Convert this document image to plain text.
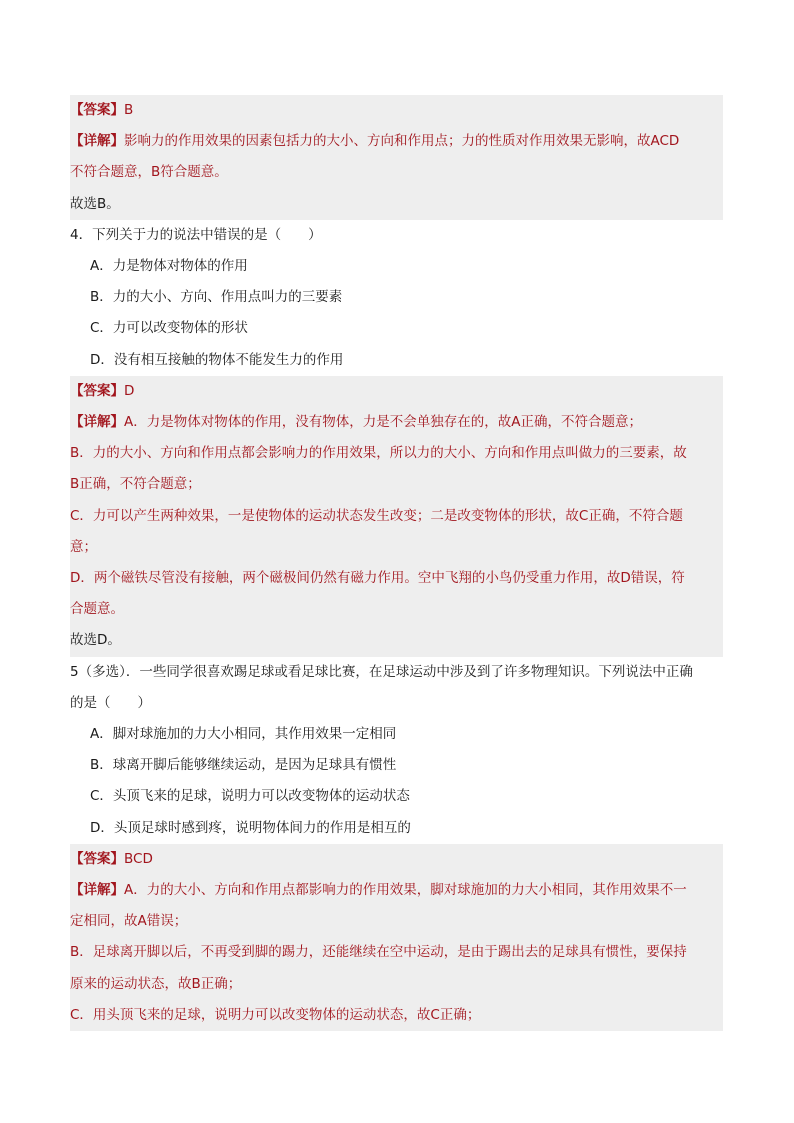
【答案】B
【详解】影响力的作用效果的因素包括力的大小、方向和作用点；力的性质对作用效果无影响，故ACD
不符合题意，B符合题意。
故选B。
4．下列关于力的说法中错误的是（　　）
A．力是物体对物体的作用
B．力的大小、方向、作用点叫力的三要素
C．力可以改变物体的形状
D．没有相互接触的物体不能发生力的作用
【答案】D
【详解】A．力是物体对物体的作用，没有物体，力是不会单独存在的，故A正确，不符合题意；
B．力的大小、方向和作用点都会影响力的作用效果，所以力的大小、方向和作用点叫做力的三要素，故
B正确，不符合题意；
C．力可以产生两种效果，一是使物体的运动状态发生改变；二是改变物体的形状，故C正确，不符合题
意；
D．两个磁铁尽管没有接触，两个磁极间仍然有磁力作用。空中飞翔的小鸟仍受重力作用，故D错误，符
合题意。
故选D。
5（多选）．一些同学很喜欢踢足球或看足球比赛，在足球运动中涉及到了许多物理知识。下列说法中正确
的是（　　）
A．脚对球施加的力大小相同，其作用效果一定相同
B．球离开脚后能够继续运动，是因为足球具有惯性
C．头顶飞来的足球，说明力可以改变物体的运动状态
D．头顶足球时感到疼，说明物体间力的作用是相互的
【答案】BCD
【详解】A．力的大小、方向和作用点都影响力的作用效果，脚对球施加的力大小相同，其作用效果不一
定相同，故A错误；
B．足球离开脚以后，不再受到脚的踢力，还能继续在空中运动，是由于踢出去的足球具有惯性，要保持
原来的运动状态，故B正确；
C．用头顶飞来的足球，说明力可以改变物体的运动状态，故C正确；
